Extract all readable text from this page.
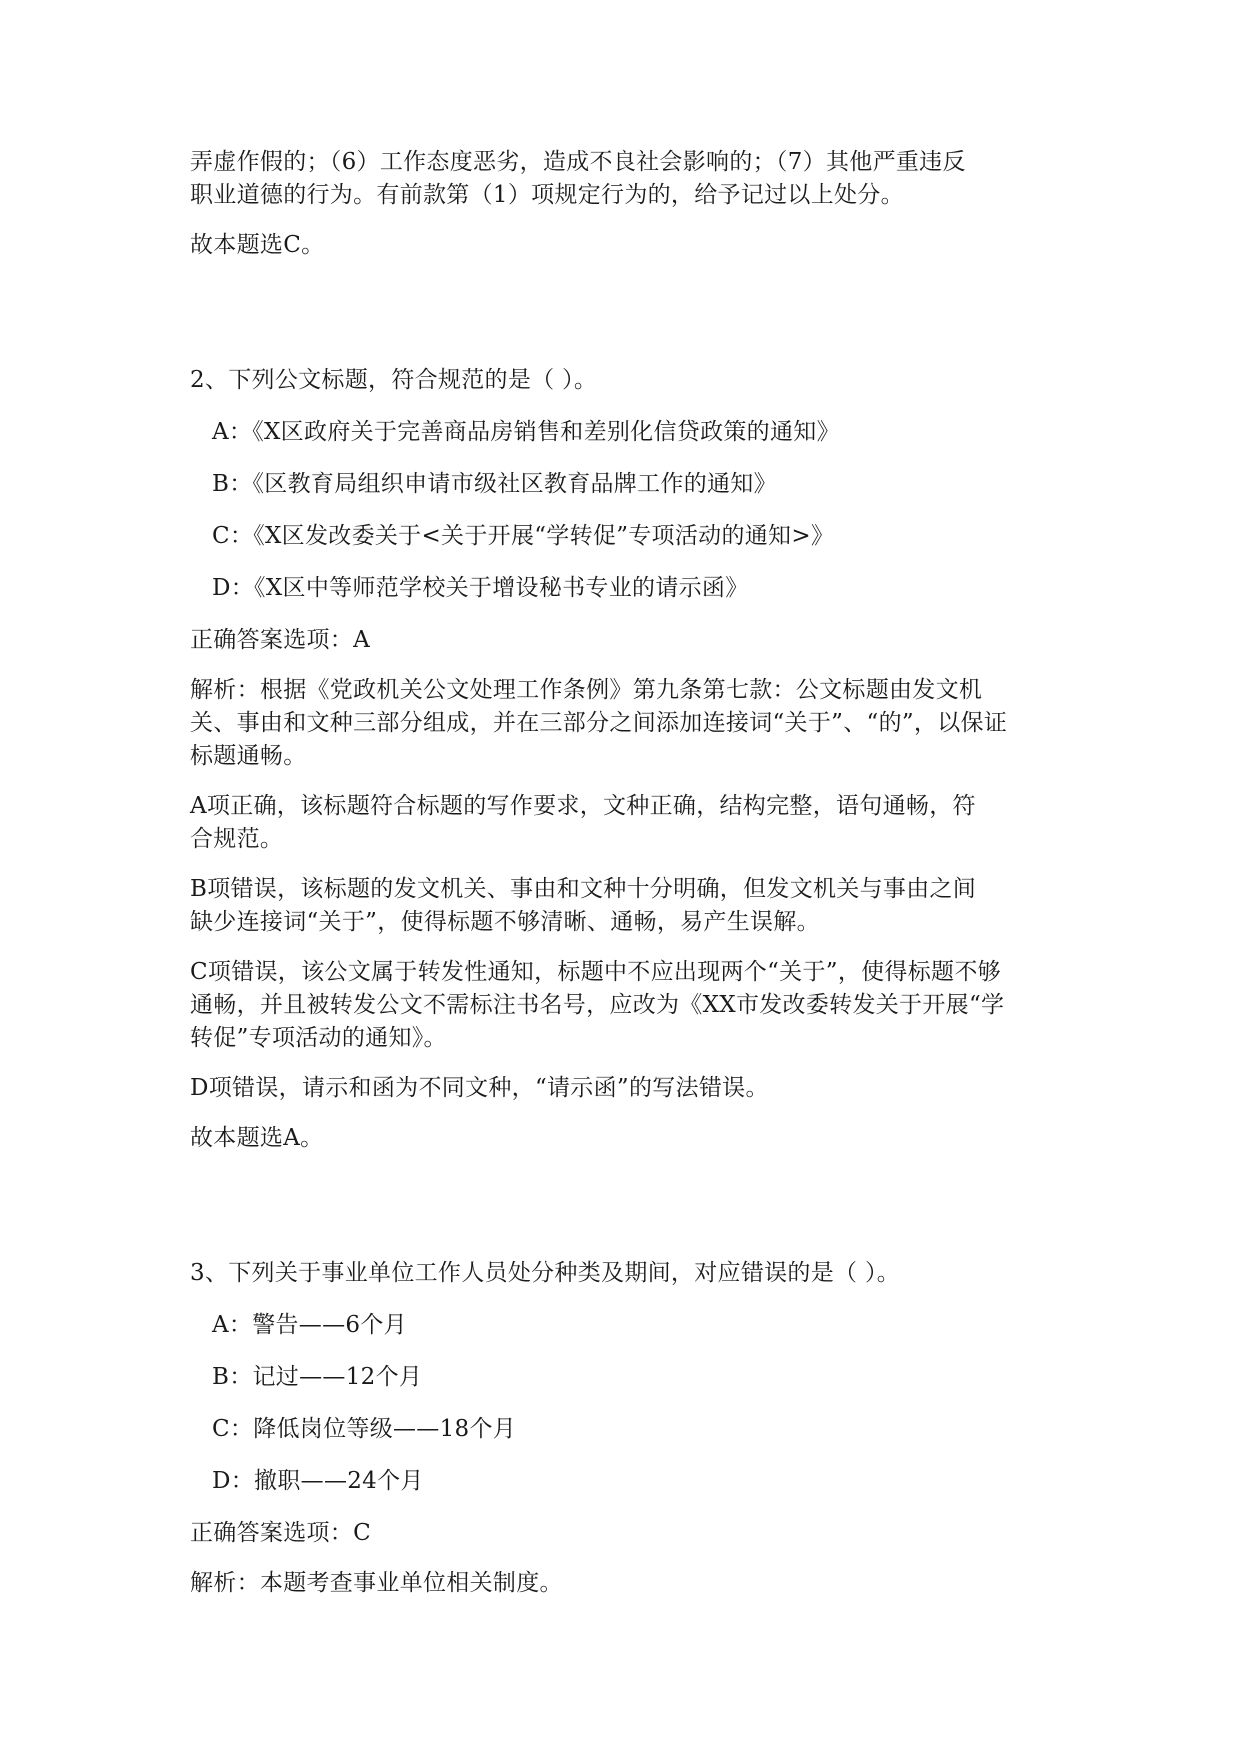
弄虚作假的；（6）工作态度恶劣，造成不良社会影响的；（7）其他严重违反
职业道德的行为。有前款第（1）项规定行为的，给予记过以上处分。
故本题选C。
2、下列公文标题，符合规范的是（ ）。
A：《X区政府关于完善商品房销售和差别化信贷政策的通知》
B：《区教育局组织申请市级社区教育品牌工作的通知》
C：《X区发改委关于<关于开展“学转促”专项活动的通知>》
D：《X区中等师范学校关于增设秘书专业的请示函》
正确答案选项：A
解析：根据《党政机关公文处理工作条例》第九条第七款：公文标题由发文机
关、事由和文种三部分组成，并在三部分之间添加连接词“关于”、“的”，以保证
标题通畅。
A项正确，该标题符合标题的写作要求，文种正确，结构完整，语句通畅，符
合规范。
B项错误，该标题的发文机关、事由和文种十分明确，但发文机关与事由之间
缺少连接词“关于”，使得标题不够清晰、通畅，易产生误解。
C项错误，该公文属于转发性通知，标题中不应出现两个“关于”，使得标题不够
通畅，并且被转发公文不需标注书名号，应改为《XX市发改委转发关于开展“学
转促”专项活动的通知》。
D项错误，请示和函为不同文种，“请示函”的写法错误。
故本题选A。
3、下列关于事业单位工作人员处分种类及期间，对应错误的是（ ）。
A：警告——6个月
B：记过——12个月
C：降低岗位等级——18个月
D：撤职——24个月
正确答案选项：C
解析：本题考查事业单位相关制度。
